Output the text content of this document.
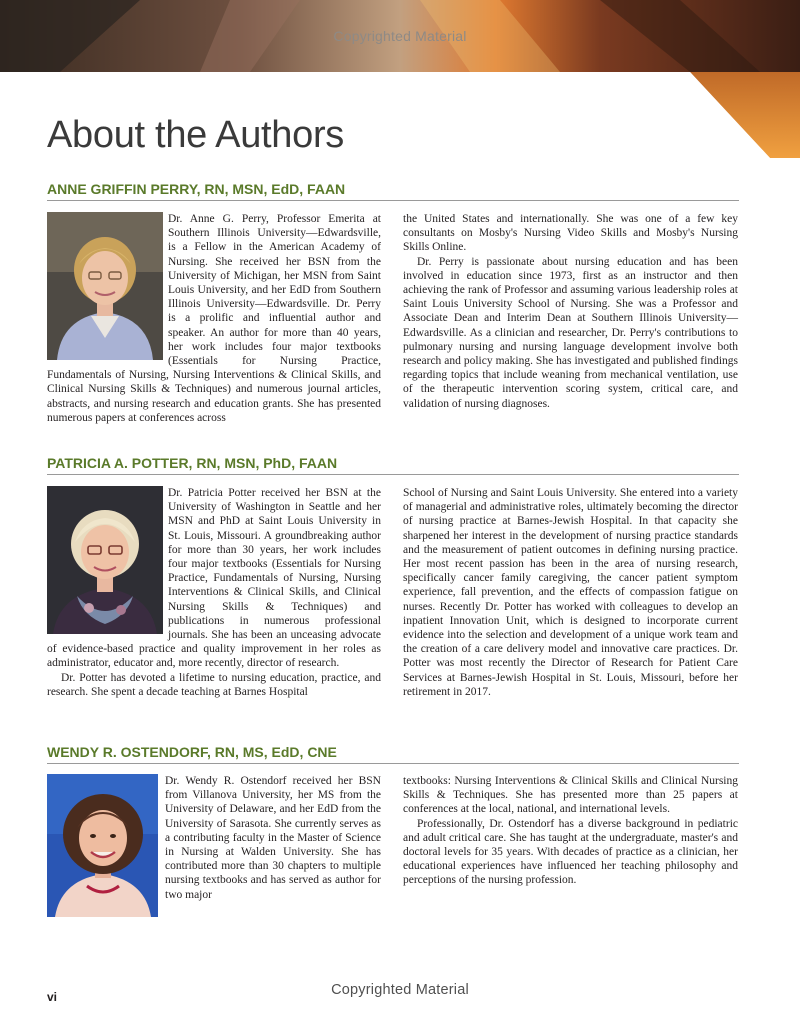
Copyrighted Material
About the Authors
ANNE GRIFFIN PERRY, RN, MSN, EdD, FAAN

Dr. Anne G. Perry, Professor Emerita at Southern Illinois University—Edwardsville, is a Fellow in the American Academy of Nursing. She received her BSN from the University of Michigan, her MSN from Saint Louis University, and her EdD from Southern Illinois University—Edwardsville. Dr. Perry is a prolific and influential author and speaker. An author for more than 40 years, her work includes four major textbooks (Essentials for Nursing Practice, Fundamentals of Nursing, Nursing Interventions & Clinical Skills, and Clinical Nursing Skills & Techniques) and numerous journal articles, abstracts, and nursing research and education grants. She has presented numerous papers at conferences across

the United States and internationally. She was one of a few key consultants on Mosby's Nursing Video Skills and Mosby's Nursing Skills Online.

Dr. Perry is passionate about nursing education and has been involved in education since 1973, first as an instructor and then achieving the rank of Professor and assuming various leadership roles at Saint Louis University School of Nursing. She was a Professor and Associate Dean and Interim Dean at Southern Illinois University—Edwardsville. As a clinician and researcher, Dr. Perry's contributions to pulmonary nursing and nursing language development involve both research and policy making. She has investigated and published findings regarding topics that include weaning from mechanical ventilation, use of the therapeutic intervention scoring system, critical care, and validation of nursing diagnoses.

PATRICIA A. POTTER, RN, MSN, PhD, FAAN

Dr. Patricia Potter received her BSN at the University of Washington in Seattle and her MSN and PhD at Saint Louis University in St. Louis, Missouri. A groundbreaking author for more than 30 years, her work includes four major textbooks (Essentials for Nursing Practice, Fundamentals of Nursing, Nursing Interventions & Clinical Skills, and Clinical Nursing Skills & Techniques) and publications in numerous professional journals. She has been an unceasing advocate of evidence-based practice and quality improvement in her roles as administrator, educator and, more recently, director of research.

Dr. Potter has devoted a lifetime to nursing education, practice, and research. She spent a decade teaching at Barnes Hospital

School of Nursing and Saint Louis University. She entered into a variety of managerial and administrative roles, ultimately becoming the director of nursing practice at Barnes-Jewish Hospital. In that capacity she sharpened her interest in the development of nursing practice standards and the measurement of patient outcomes in defining nursing practice. Her most recent passion has been in the area of nursing research, specifically cancer family caregiving, the cancer patient symptom experience, fall prevention, and the effects of compassion fatigue on nurses. Recently Dr. Potter has worked with colleagues to develop an inpatient Innovation Unit, which is designed to incorporate current evidence into the selection and development of a unique work team and the creation of a care delivery model and innovative care practices. Dr. Potter was most recently the Director of Research for Patient Care Services at Barnes-Jewish Hospital in St. Louis, Missouri, before her retirement in 2017.

WENDY R. OSTENDORF, RN, MS, EdD, CNE

Dr. Wendy R. Ostendorf received her BSN from Villanova University, her MS from the University of Delaware, and her EdD from the University of Sarasota. She currently serves as a contributing faculty in the Master of Science in Nursing at Walden University. She has contributed more than 30 chapters to multiple nursing textbooks and has served as author for two major

textbooks: Nursing Interventions & Clinical Skills and Clinical Nursing Skills & Techniques. She has presented more than 25 papers at conferences at the local, national, and international levels.

Professionally, Dr. Ostendorf has a diverse background in pediatric and adult critical care. She has taught at the undergraduate, master's and doctoral levels for 35 years. With decades of practice as a clinician, her educational experiences have influenced her teaching philosophy and perceptions of the nursing profession.

vi	Copyrighted Material
